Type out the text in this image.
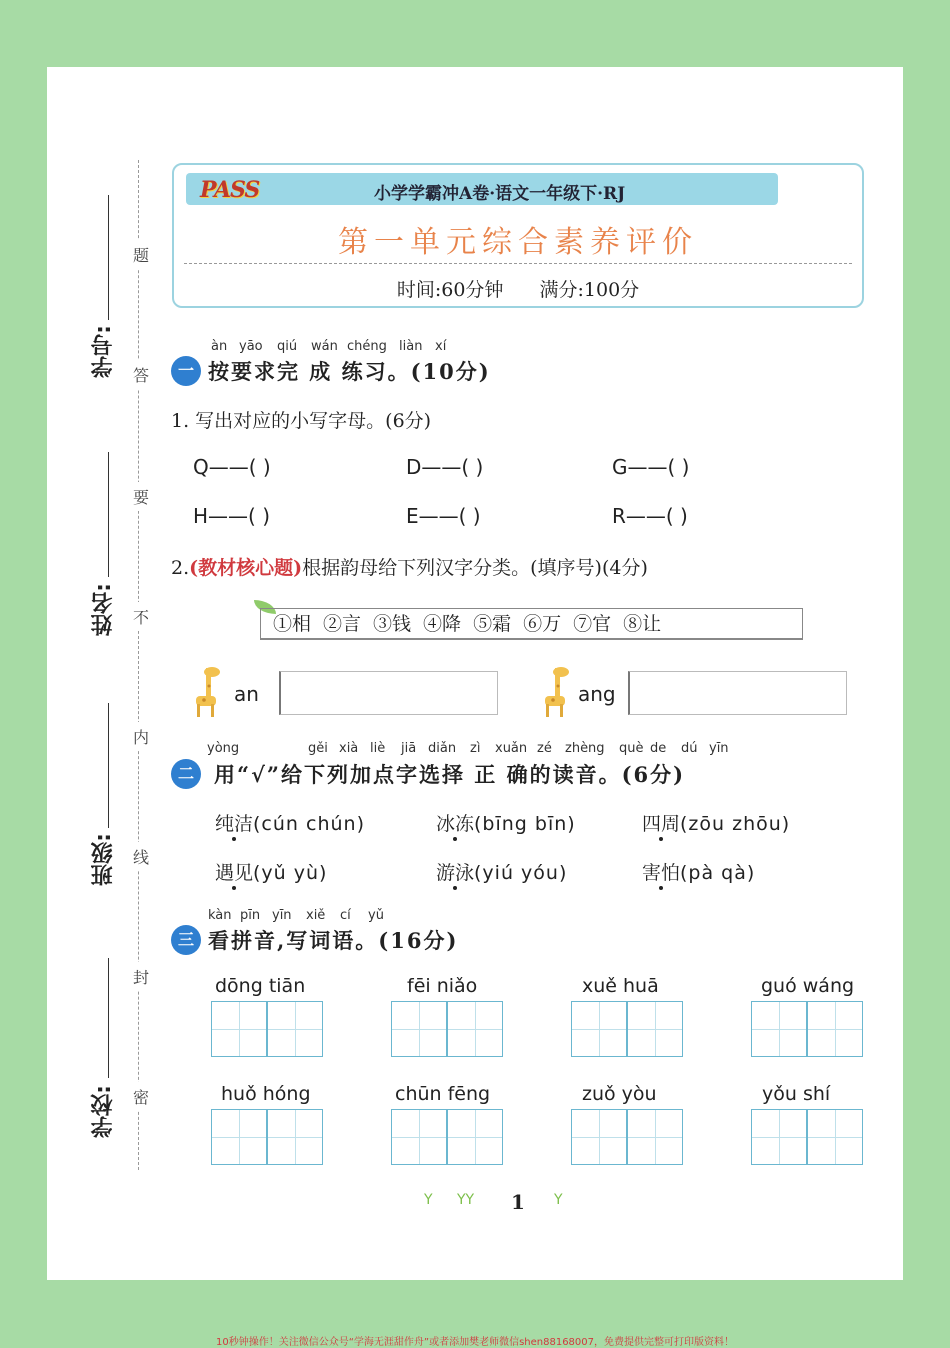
学校:
班级:
姓名:
学号:
题
答
要
不
内
线
封
密
PASS	小学学霸冲A卷·语文一年级下·RJ
第一单元综合素养评价
时间:60分钟 满分:100分
àn yāo qiú wán chéng liàn xí
一 按要求完 成 练习。(10分)
1. 写出对应的小写字母。(6分)
Q——( )	D——( )	G——( )
H——( )	E——( )	R——( )
2.(教材核心题)根据韵母给下列汉字分类。(填序号)(4分)
①相 ②言 ③钱 ④降 ⑤霜 ⑥万 ⑦官 ⑧让
an	ang
yòng	gěi xià liè jiā diǎn zì xuǎn zé zhèng què de dú yīn
二 用“√”给下列加点字选择 正 确的读音。(6分)
纯洁(cún chún)	冰冻(bīng bīn)	四周(zōu zhōu)
遇见(yǔ yù)	游泳(yiú yóu)	害怕(pà qà)
kàn pīn yīn xiě cí yǔ
三 看拼音,写词语。(16分)
dōng tiān	fēi niǎo	xuě huā	guó wáng
huǒ hóng	chūn fēng	zuǒ yòu	yǒu shí
Y YY 1 Y
10秒钟操作！关注微信公众号“学海无涯甜作舟”或者添加樊老师微信shen88168007，免费提供完整可打印版资料！
